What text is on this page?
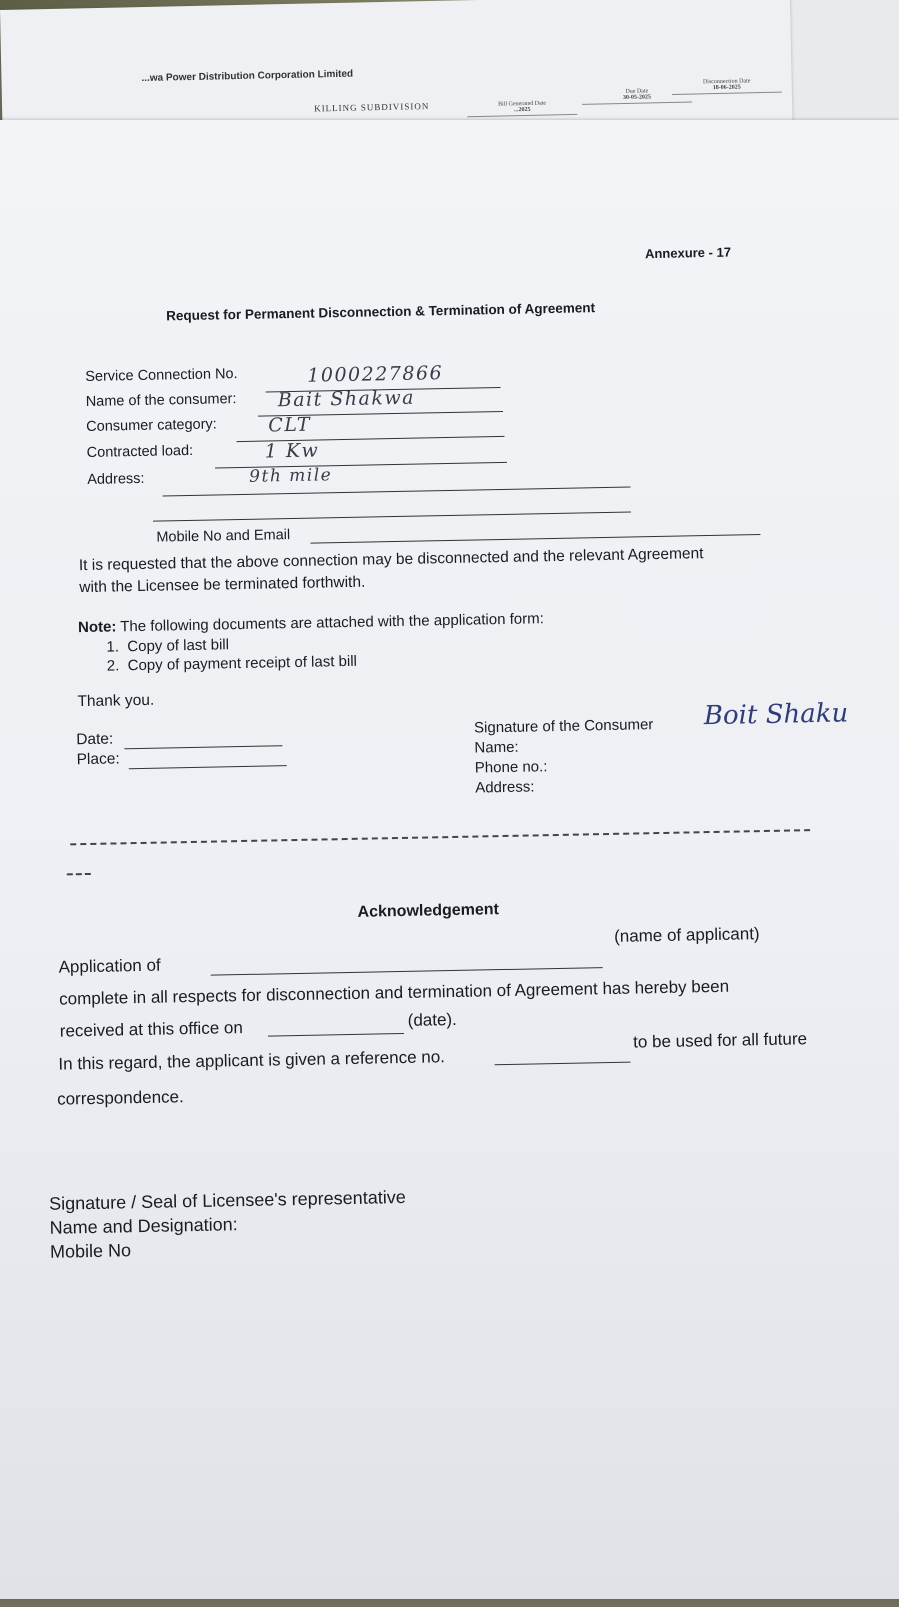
...wa Power Distribution Corporation Limited
KILLING SUBDIVISION	Bill Generated Date
...2025
Due Date
30-05-2025
Disconnection Date
18-06-2025
Annexure - 17
Request for Permanent Disconnection & Termination of Agreement
Service Connection No.	1000227866
Name of the consumer: Bait Shakwa
Consumer category:	CLT
Contracted load:	1 Kw
Address:	9th mile
Mobile No and Email
It is requested that the above connection may be disconnected and the relevant Agreement
with the Licensee be terminated forthwith.
Note: The following documents are attached with the application form:
1.  Copy of last bill
2.  Copy of payment receipt of last bill
Thank you.
Date:
Place:
Signature of the Consumer Boit Shaku
Name:
Phone no.:
Address:
Acknowledgement
(name of applicant)
Application of
complete in all respects for disconnection and termination of Agreement has hereby been
received at this office on	(date).
In this regard, the applicant is given a reference no.
to be used for all future
correspondence.
Signature / Seal of Licensee's representative
Name and Designation:
Mobile No
